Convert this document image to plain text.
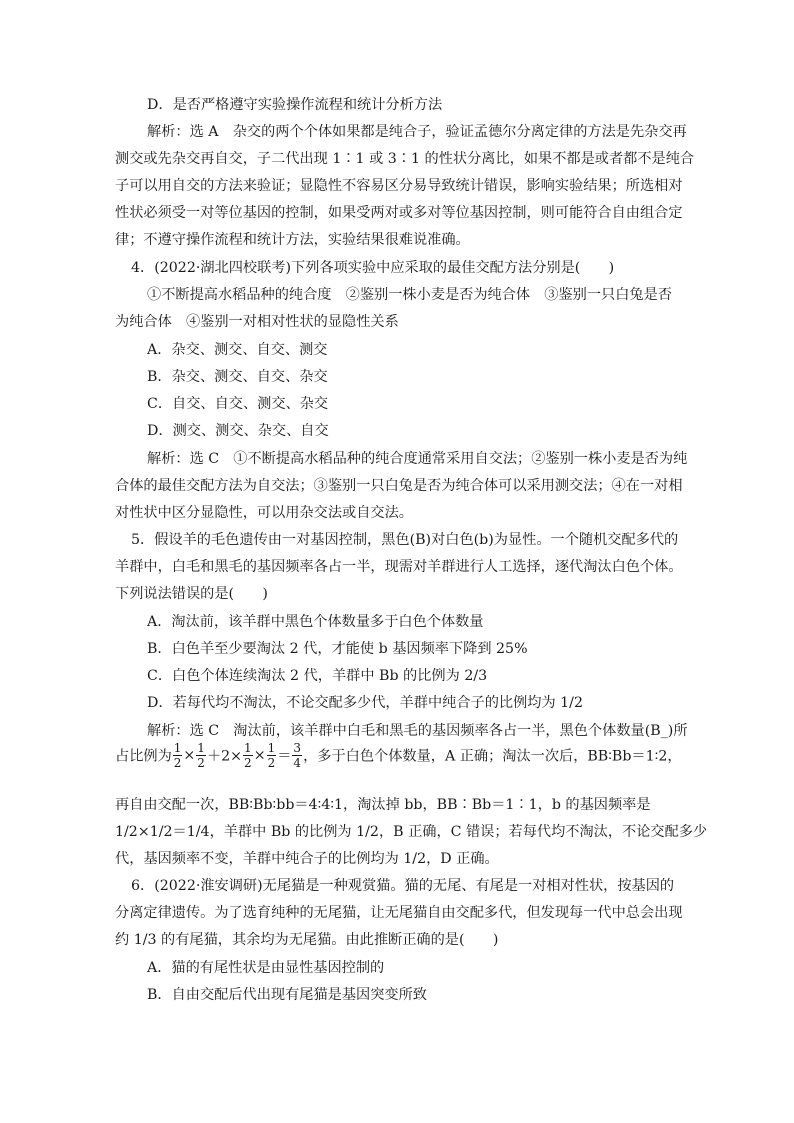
D．是否严格遵守实验操作流程和统计分析方法
解析：选 A　杂交的两个个体如果都是纯合子，验证孟德尔分离定律的方法是先杂交再
测交或先杂交再自交，子二代出现 1∶1 或 3∶1 的性状分离比，如果不都是或者都不是纯合
子可以用自交的方法来验证；显隐性不容易区分易导致统计错误，影响实验结果；所选相对
性状必须受一对等位基因的控制，如果受两对或多对等位基因控制，则可能符合自由组合定
律；不遵守操作流程和统计方法，实验结果很难说准确。
4．(2022·湖北四校联考)下列各项实验中应采取的最佳交配方法分别是(　　)
①不断提高水稻品种的纯合度　②鉴别一株小麦是否为纯合体　③鉴别一只白兔是否
为纯合体　④鉴别一对相对性状的显隐性关系
A．杂交、测交、自交、测交
B．杂交、测交、自交、杂交
C．自交、自交、测交、杂交
D．测交、测交、杂交、自交
解析：选 C　①不断提高水稻品种的纯合度通常采用自交法；②鉴别一株小麦是否为纯
合体的最佳交配方法为自交法；③鉴别一只白兔是否为纯合体可以采用测交法；④在一对相
对性状中区分显隐性，可以用杂交法或自交法。
5．假设羊的毛色遗传由一对基因控制，黑色(B)对白色(b)为显性。一个随机交配多代的
羊群中，白毛和黑毛的基因频率各占一半，现需对羊群进行人工选择，逐代淘汰白色个体。
下列说法错误的是(　　)
A．淘汰前，该羊群中黑色个体数量多于白色个体数量
B．白色羊至少要淘汰 2 代，才能使 b 基因频率下降到 25%
C．白色个体连续淘汰 2 代，羊群中 Bb 的比例为 2/3
D．若每代均不淘汰，不论交配多少代，羊群中纯合子的比例均为 1/2
解析：选 C　淘汰前，该羊群中白毛和黑毛的基因频率各占一半，黑色个体数量(B_)所
占比例为 $\frac{1}{2} \times \frac{1}{2} +2\times \frac{1}{2} \times \frac{1}{2} = \frac{3}{4}$ ，多于白色个体数量，A 正确；淘汰一次后，BB∶Bb＝1∶2，
再自由交配一次，BB∶Bb∶bb＝4∶4∶1，淘汰掉 bb，BB∶Bb＝1∶1，b 的基因频率是
1/2×1/2＝1/4，羊群中 Bb 的比例为 1/2，B 正确，C 错误；若每代均不淘汰，不论交配多少
代，基因频率不变，羊群中纯合子的比例均为 1/2，D 正确。
6．(2022·淮安调研)无尾猫是一种观赏猫。猫的无尾、有尾是一对相对性状，按基因的
分离定律遗传。为了选育纯种的无尾猫，让无尾猫自由交配多代，但发现每一代中总会出现
约 1/3 的有尾猫，其余均为无尾猫。由此推断正确的是(　　)
A．猫的有尾性状是由显性基因控制的
B．自由交配后代出现有尾猫是基因突变所致
